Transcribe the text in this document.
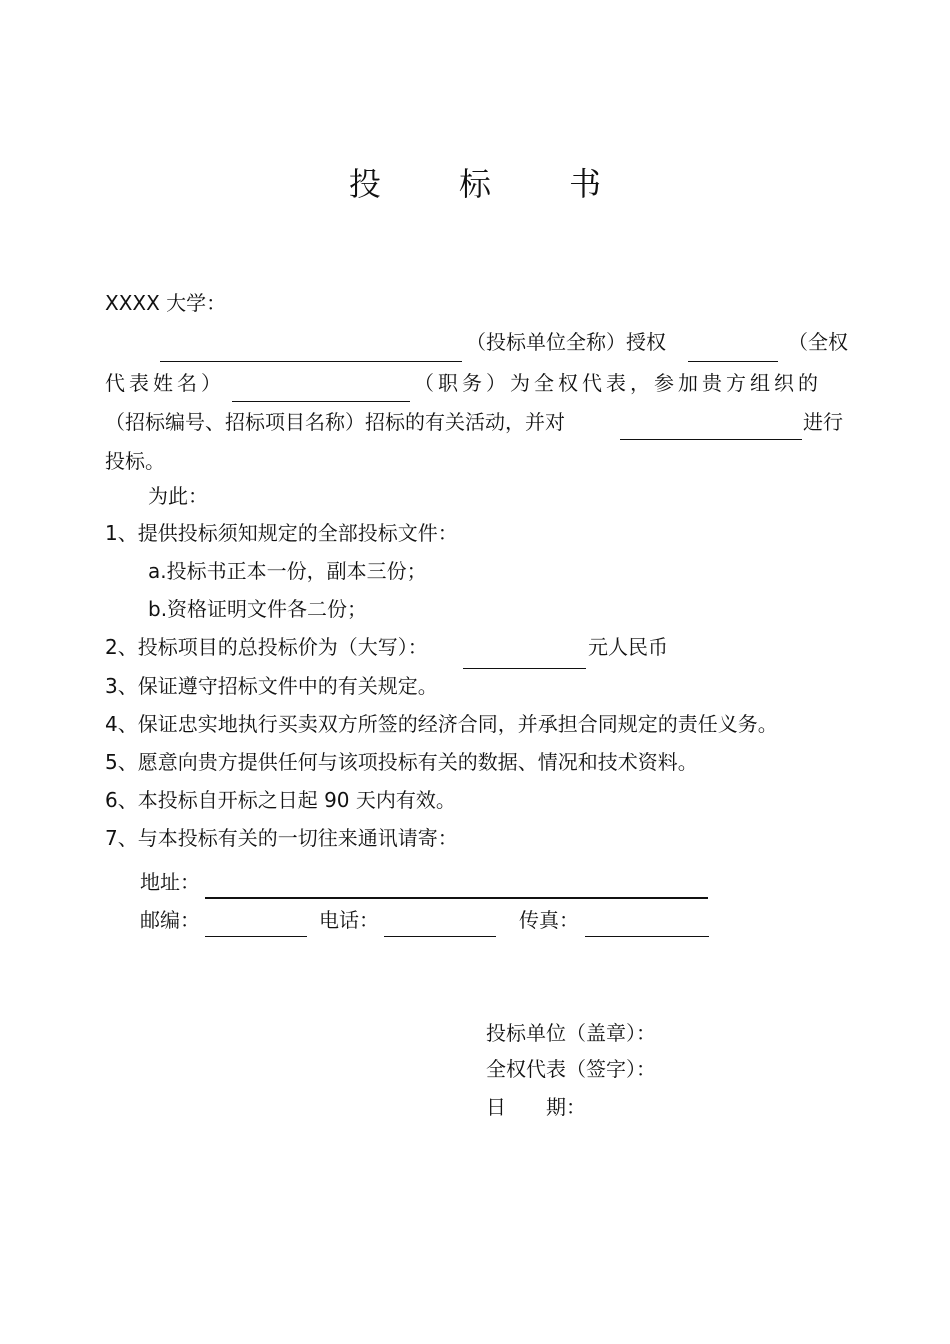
投 标 书
XXXX 大学：
（投标单位全称）授权	（全权
代表姓名）	（职务）为全权代表，参加贵方组织的
（招标编号、招标项目名称）招标的有关活动，并对	进行
投标。
为此：
1、提供投标须知规定的全部投标文件：
a.投标书正本一份，副本三份；
b.资格证明文件各二份；
2、投标项目的总投标价为（大写）：	元人民币
3、保证遵守招标文件中的有关规定。
4、保证忠实地执行买卖双方所签的经济合同，并承担合同规定的责任义务。
5、愿意向贵方提供任何与该项投标有关的数据、情况和技术资料。
6、本投标自开标之日起 90 天内有效。
7、与本投标有关的一切往来通讯请寄：
地址：
邮编：	电话：	传真：
投标单位（盖章）：
全权代表（签字）：
日　　期：
